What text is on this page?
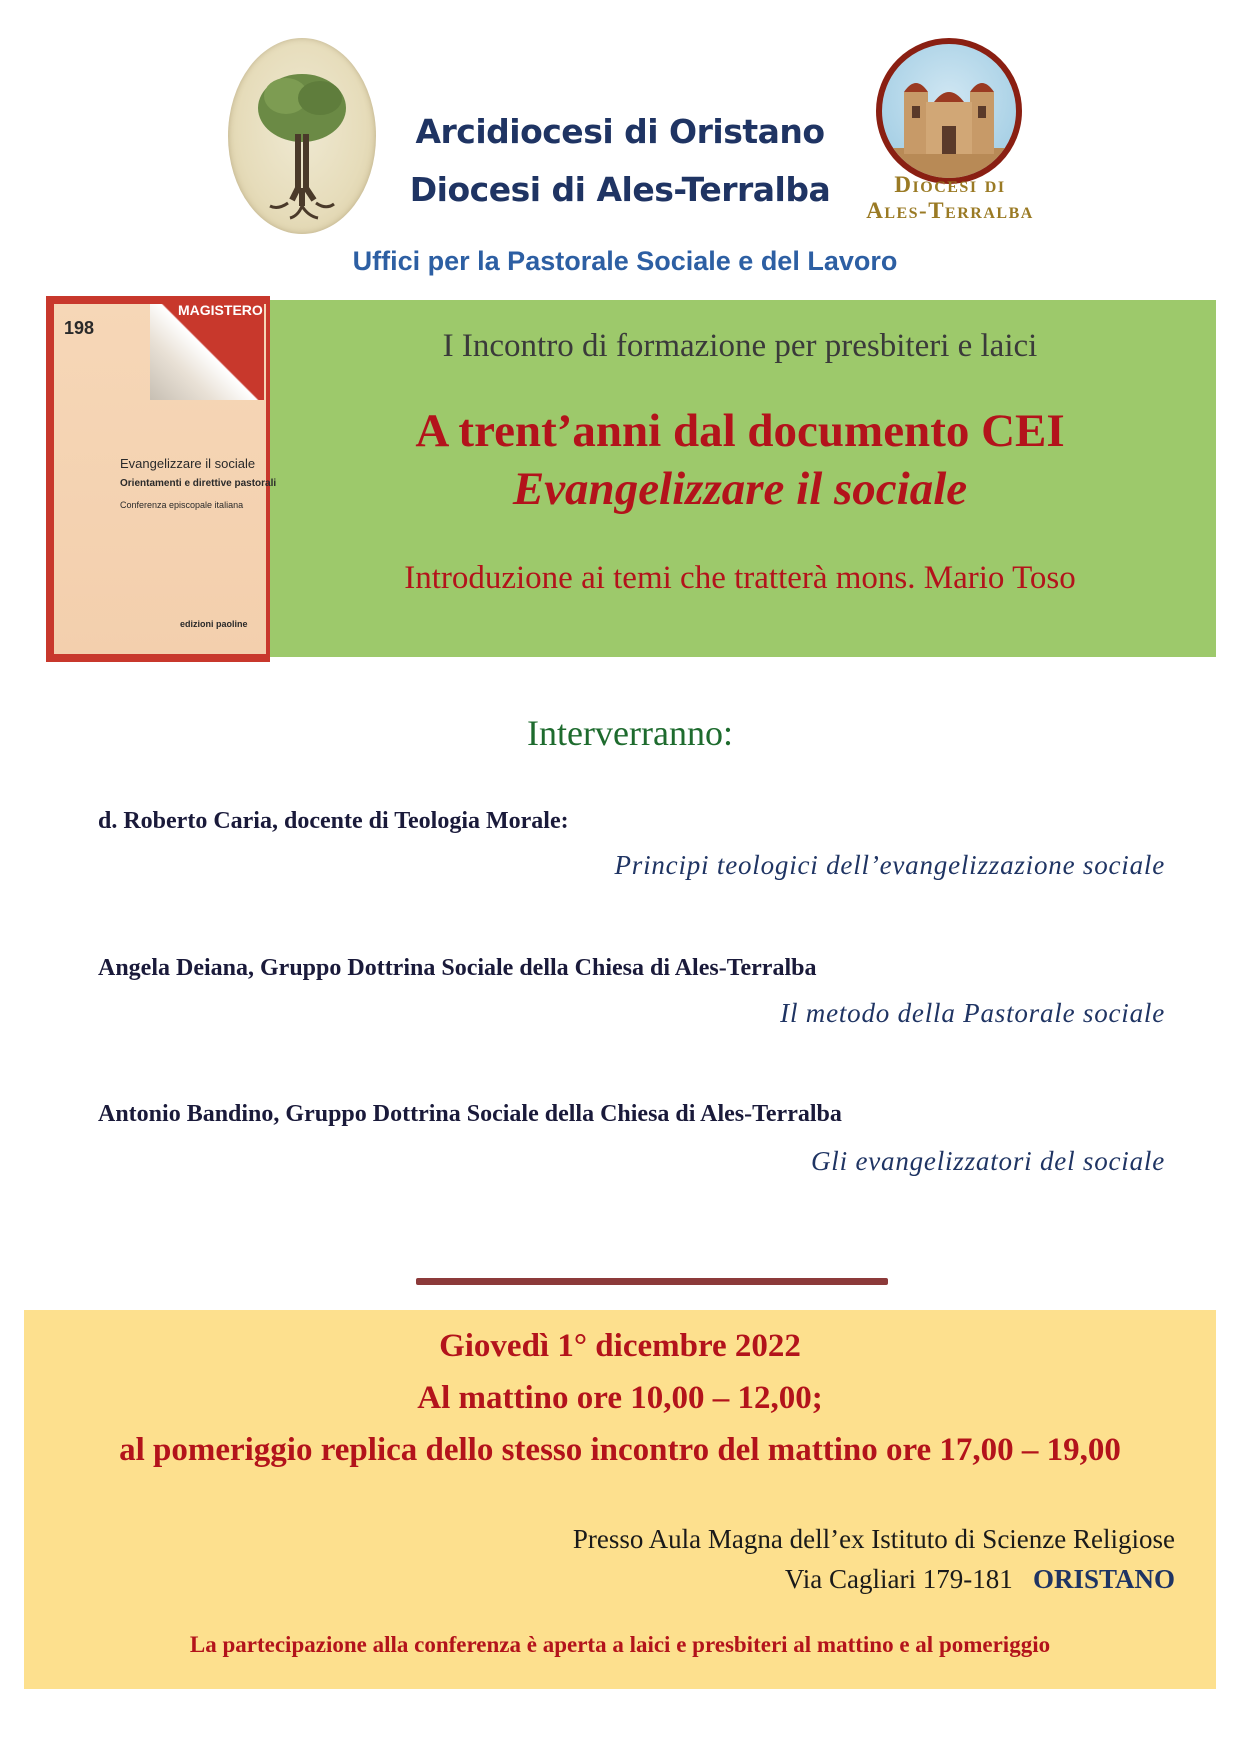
Arcidiocesi di Oristano
Diocesi di Ales-Terralba	Diocesi di
Ales-Terralba
Uffici per la Pastorale Sociale e del Lavoro
198
MAGISTERO
Evangelizzare il sociale
Orientamenti e direttive pastorali
Conferenza episcopale italiana
edizioni paoline
I Incontro di formazione per presbiteri e laici
A trent’anni dal documento CEI
Evangelizzare il sociale
Introduzione ai temi che tratterà mons. Mario Toso
Interverranno:
d. Roberto Caria, docente di Teologia Morale:
Principi teologici dell’evangelizzazione sociale
Angela Deiana, Gruppo Dottrina Sociale della Chiesa di Ales-Terralba
Il metodo della Pastorale sociale
Antonio Bandino, Gruppo Dottrina Sociale della Chiesa di Ales-Terralba
Gli evangelizzatori del sociale
Giovedì 1° dicembre 2022
Al mattino ore 10,00 – 12,00;
al pomeriggio replica dello stesso incontro del mattino ore 17,00 – 19,00
Presso Aula Magna dell’ex Istituto di Scienze Religiose
Via Cagliari 179-181 ORISTANO
La partecipazione alla conferenza è aperta a laici e presbiteri al mattino e al pomeriggio
